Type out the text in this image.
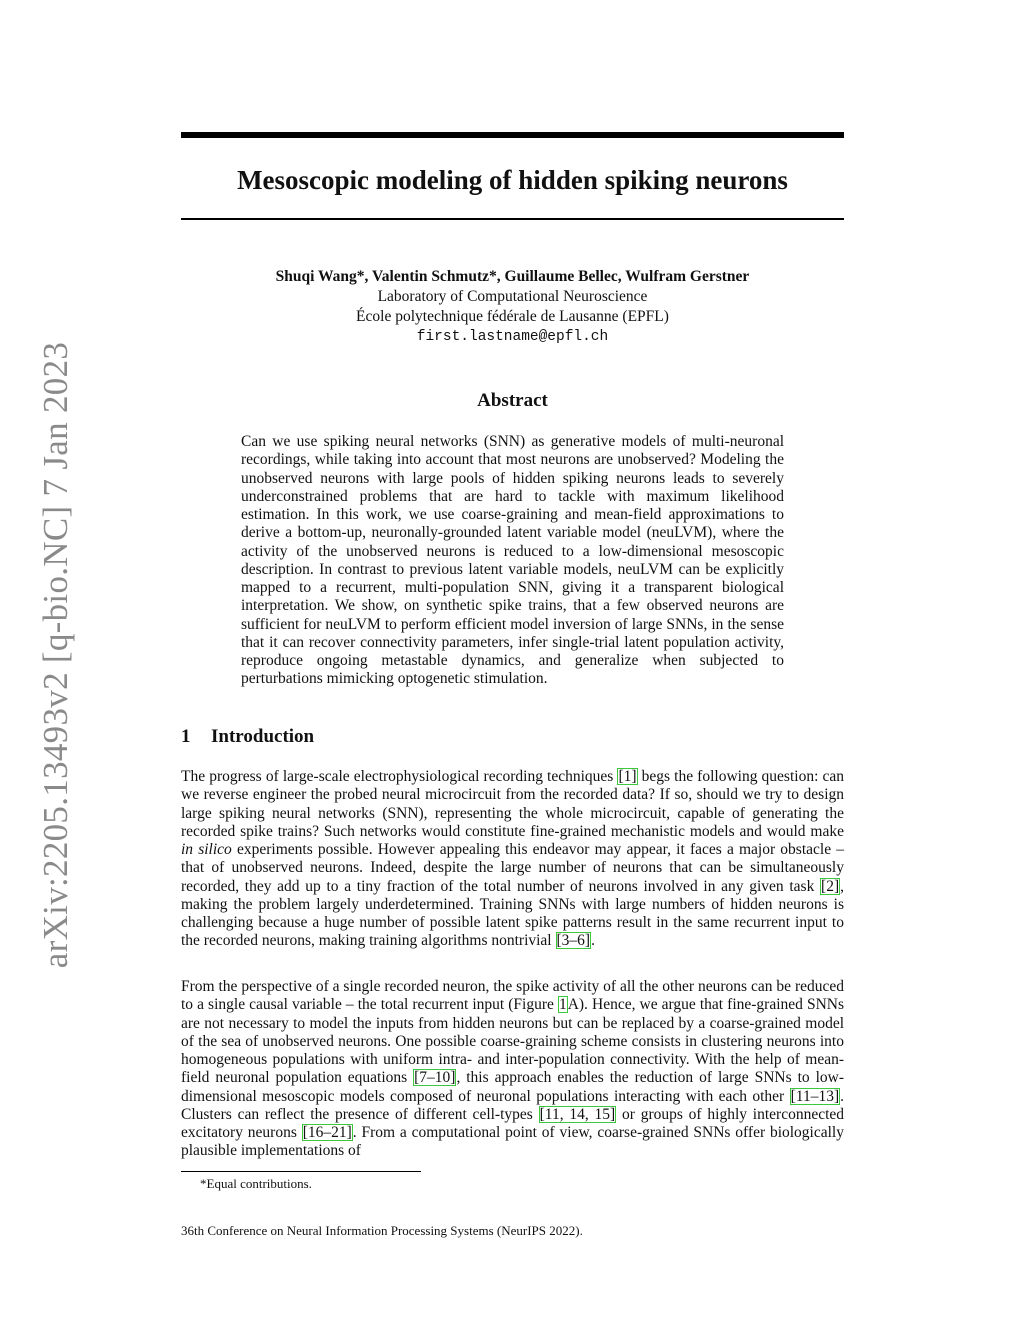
arXiv:2205.13493v2 [q-bio.NC] 7 Jan 2023
Mesoscopic modeling of hidden spiking neurons
Shuqi Wang*, Valentin Schmutz*, Guillaume Bellec, Wulfram Gerstner
Laboratory of Computational Neuroscience
École polytechnique fédérale de Lausanne (EPFL)
first.lastname@epfl.ch
Abstract

Can we use spiking neural networks (SNN) as generative models of multi-neuronal recordings, while taking into account that most neurons are unobserved? Modeling the unobserved neurons with large pools of hidden spiking neurons leads to severely underconstrained problems that are hard to tackle with maximum likelihood estimation. In this work, we use coarse-graining and mean-field approximations to derive a bottom-up, neuronally-grounded latent variable model (neuLVM), where the activity of the unobserved neurons is reduced to a low-dimensional mesoscopic description. In contrast to previous latent variable models, neuLVM can be explicitly mapped to a recurrent, multi-population SNN, giving it a transparent biological interpretation. We show, on synthetic spike trains, that a few observed neurons are sufficient for neuLVM to perform efficient model inversion of large SNNs, in the sense that it can recover connectivity parameters, infer single-trial latent population activity, reproduce ongoing metastable dynamics, and generalize when subjected to perturbations mimicking optogenetic stimulation.

1 Introduction

The progress of large-scale electrophysiological recording techniques [1] begs the following question: can we reverse engineer the probed neural microcircuit from the recorded data? If so, should we try to design large spiking neural networks (SNN), representing the whole microcircuit, capable of generating the recorded spike trains? Such networks would constitute fine-grained mechanistic models and would make in silico experiments possible. However appealing this endeavor may appear, it faces a major obstacle – that of unobserved neurons. Indeed, despite the large number of neurons that can be simultaneously recorded, they add up to a tiny fraction of the total number of neurons involved in any given task [2], making the problem largely underdetermined. Training SNNs with large numbers of hidden neurons is challenging because a huge number of possible latent spike patterns result in the same recurrent input to the recorded neurons, making training algorithms nontrivial [3–6].

From the perspective of a single recorded neuron, the spike activity of all the other neurons can be reduced to a single causal variable – the total recurrent input (Figure 1A). Hence, we argue that fine-grained SNNs are not necessary to model the inputs from hidden neurons but can be replaced by a coarse-grained model of the sea of unobserved neurons. One possible coarse-graining scheme consists in clustering neurons into homogeneous populations with uniform intra- and inter-population connectivity. With the help of mean-field neuronal population equations [7–10], this approach enables the reduction of large SNNs to low-dimensional mesoscopic models composed of neuronal populations interacting with each other [11–13]. Clusters can reflect the presence of different cell-types [11, 14, 15] or groups of highly interconnected excitatory neurons [16–21]. From a computational point of view, coarse-grained SNNs offer biologically plausible implementations of

*Equal contributions.
36th Conference on Neural Information Processing Systems (NeurIPS 2022).
